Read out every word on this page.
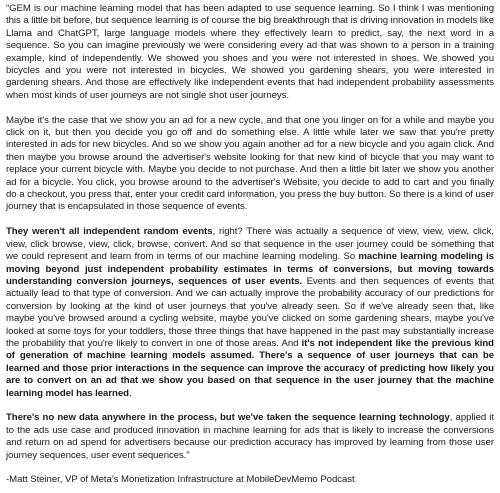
“GEM is our machine learning model that has been adapted to use sequence learning. So I think I was mentioning this a little bit before, but sequence learning is of course the big breakthrough that is driving innovation in models like Llama and ChatGPT, large language models where they effectively learn to predict, say, the next word in a sequence. So you can imagine previously we were considering every ad that was shown to a person in a training example, kind of independently. We showed you shoes and you were not interested in shoes. We showed you bicycles and you were not interested in bicycles. We showed you gardening shears, you were interested in gardening shears. And those are effectively like independent events that had independent probability assessments when most kinds of user journeys are not single shot user journeys.

Maybe it's the case that we show you an ad for a new cycle, and that one you linger on for a while and maybe you click on it, but then you decide you go off and do something else. A little while later we saw that you're pretty interested in ads for new bicycles. And so we show you again another ad for a new bicycle and you again click. And then maybe you browse around the advertiser's website looking for that new kind of bicycle that you may want to replace your current bicycle with. Maybe you decide to not purchase. And then a little bit later we show you another ad for a bicycle. You click, you browse around to the advertiser's Website, you decide to add to cart and you finally do a checkout, you press that, enter your credit card information, you press the buy button. So there is a kind of user journey that is encapsulated in those sequence of events.

They weren't all independent random events, right? There was actually a sequence of view, view, view, click, view, click browse, view, click, browse, convert. And so that sequence in the user journey could be something that we could represent and learn from in terms of our machine learning modeling. So machine learning modeling is moving beyond just independent probability estimates in terms of conversions, but moving towards understanding conversion journeys, sequences of user events. Events and then sequences of events that actually lead to that type of conversion. And we can actually improve the probability accuracy of our predictions for conversion by looking at the kind of user journeys that you've already seen. So if we've already seen that, like maybe you've browsed around a cycling website, maybe you've clicked on some gardening shears, maybe you've looked at some toys for your toddlers, those three things that have happened in the past may substantially increase the probability that you're likely to convert in one of those areas. And it's not independent like the previous kind of generation of machine learning models assumed. There's a sequence of user journeys that can be learned and those prior interactions in the sequence can improve the accuracy of predicting how likely you are to convert on an ad that we show you based on that sequence in the user journey that the machine learning model has learned.

There's no new data anywhere in the process, but we've taken the sequence learning technology, applied it to the ads use case and produced innovation in machine learning for ads that is likely to increase the conversions and return on ad spend for advertisers because our prediction accuracy has improved by learning from those user journey sequences, user event sequences.”

-Matt Steiner, VP of Meta’s Monetization Infrastructure at MobileDevMemo Podcast
